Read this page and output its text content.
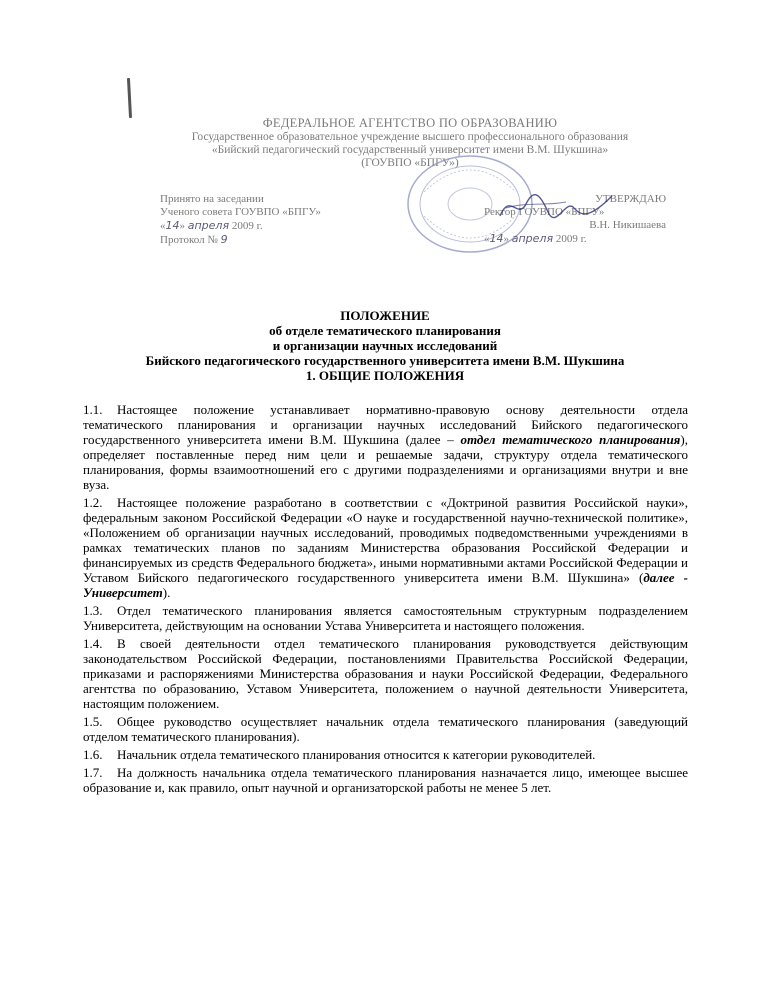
ФЕДЕРАЛЬНОЕ АГЕНТСТВО ПО ОБРАЗОВАНИЮ
Государственное образовательное учреждение высшего профессионального образования
«Бийский педагогический государственный университет имени В.М. Шукшина»
(ГОУВПО «БПГУ»)
Принято на заседании
Ученого совета ГОУВПО «БПГУ»
«14» апреля 2009 г.
Протокол № 9
УТВЕРЖДАЮ
Ректор ГОУВПО «БПГУ»
В.Н. Никишаева
«14» апреля 2009 г.
ПОЛОЖЕНИЕ
об отделе тематического планирования
и организации научных исследований
Бийского педагогического государственного университета имени В.М. Шукшина
1. ОБЩИЕ ПОЛОЖЕНИЯ

1.1. Настоящее положение устанавливает нормативно-правовую основу деятельности отдела тематического планирования и организации научных исследований Бийского педагогического государственного университета имени В.М. Шукшина (далее – отдел тематического планирования), определяет поставленные перед ним цели и решаемые задачи, структуру отдела тематического планирования, формы взаимоотношений его с другими подразделениями и организациями внутри и вне вуза.

1.2. Настоящее положение разработано в соответствии с «Доктриной развития Российской науки», федеральным законом Российской Федерации «О науке и государственной научно-технической политике», «Положением об организации научных исследований, проводимых подведомственными учреждениями в рамках тематических планов по заданиям Министерства образования Российской Федерации и финансируемых из средств Федерального бюджета», иными нормативными актами Российской Федерации и Уставом Бийского педагогического государственного университета имени В.М. Шукшина» (далее - Университет).

1.3. Отдел тематического планирования является самостоятельным структурным подразделением Университета, действующим на основании Устава Университета и настоящего положения.

1.4. В своей деятельности отдел тематического планирования руководствуется действующим законодательством Российской Федерации, постановлениями Правительства Российской Федерации, приказами и распоряжениями Министерства образования и науки Российской Федерации, Федерального агентства по образованию, Уставом Университета, положением о научной деятельности Университета, настоящим положением.

1.5. Общее руководство осуществляет начальник отдела тематического планирования (заведующий отделом тематического планирования).

1.6. Начальник отдела тематического планирования относится к категории руководителей.

1.7. На должность начальника отдела тематического планирования назначается лицо, имеющее высшее образование и, как правило, опыт научной и организаторской работы не менее 5 лет.
